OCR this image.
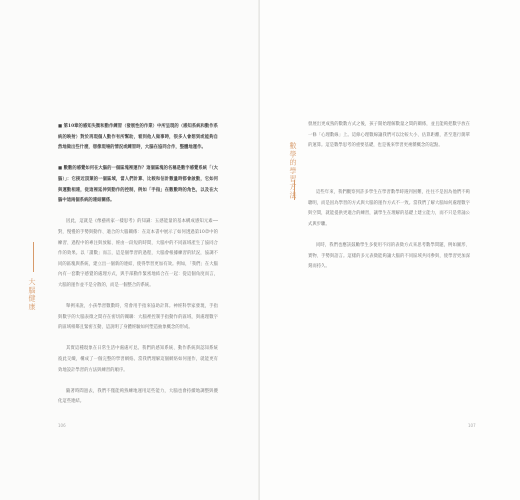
大腦健康

■ 第10章的感知失衡和動作練習（發展性的作業）中所呈現的（感知系統和動作系統的映射）對於再現個人動作有所幫助，看到他人做事時，很多人會想到或能夠自然地做出些什麼，想像現場的情況或練習時，大腦在協同合作，整體地運作。

■ 數數的感覺如何在大腦的一個區塊裡運作？這個區塊的名稱是數字感覺系統「（大腦）」：它接近頂葉的一個區域，當人們計算、比較和估計數量時都會啟動，它如何與運動相連，從這裡延伸到動作的控制，例如「手指」在數數時的角色，以及在大腦中這兩個系統的連結關係。

因此，這就是《像藝術家一樣思考》的知識：五感能量的基本構成感知元素──對，慢慢的手勢與動作、適合的大腦關係：在這本書中展示了如何透過第10章中的練習、過程中的專注與放鬆、經由一段短的時間，大腦中的不同區域產生了協同合作的效果。以「讀數」而言，這是個學習的過程，大腦會根據練習的狀況，協調不同的區塊與系統，建立出一個新的連結，使得學習更加有效。例如，「我們」在大腦內有一套數字感覺的處理方式，與手部動作緊密地結合在一起：從這個角度而言，大腦的運作並不是分散的，而是一個整合的系統。

舉例來說，小孩學習數數時，常會用手指來協助計算。神經科學家發現，手指與數字的大腦表徵之間存在密切的關聯：大腦裡控制手指動作的區域，與處理數字的區域相鄰且緊密互動，這說明了身體經驗如何塑造抽象概念的形成。

其實這種現象在日常生活中處處可見。我們的感知系統、動作系統與認知系統彼此交織，構成了一個完整的學習網絡。當我們理解這個網絡如何運作，就能更有效地設計學習的方法與練習的順序。

隨著時間過去，我們不僅能夠熟練地運用這些能力，大腦也會持續地調整與優化這些連結。

106
數學的學習方法

發展出更成熟的數數方式之後，孩子開始理解數量之間的關係，並且能夠把數字放在一條「心理數線」上。這條心理數線讓我們可以比較大小、估算距離，甚至進行簡單的運算。這是數學思考的重要基礎，也是後來學習更複雜概念的起點。

這些年來，我們觀察到許多學生在學習數學時遇到困難，往往不是因為他們不夠聰明，而是因為學習的方式與大腦的運作方式不一致。當我們了解大腦如何處理數字與空間，就能提供更適合的練習，讓學生在理解的基礎上建立能力，而不只是背誦公式與步驟。

同時，我們也應該鼓勵學生多使用不同的表徵方式來思考數學問題，例如圖形、實物、手勢與語言。這樣的多元表徵能夠讓大腦的不同區域共同參與，使學習更加深刻而持久。

107
